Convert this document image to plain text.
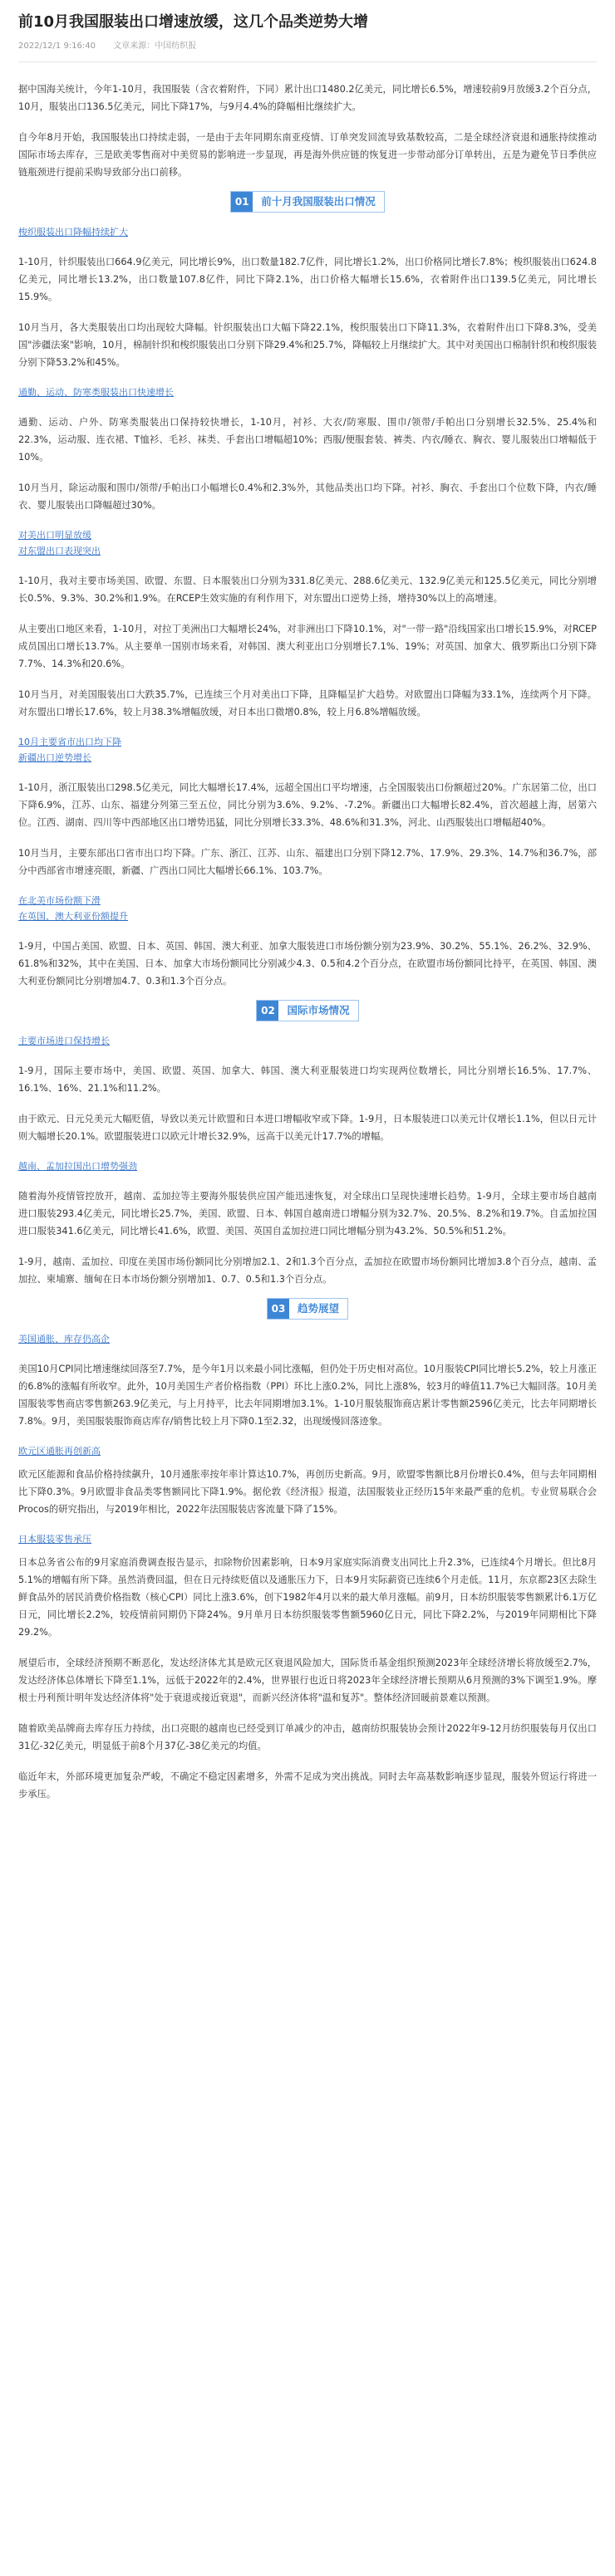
前10月我国服装出口增速放缓，这几个品类逆势大增
2022/12/1 9:16:40 文章来源：中国纺织报

据中国海关统计，今年1-10月，我国服装（含衣着附件，下同）累计出口1480.2亿美元，同比增长6.5%，增速较前9月放缓3.2个百分点，10月，服装出口136.5亿美元，同比下降17%，与9月4.4%的降幅相比继续扩大。

自今年8月开始，我国服装出口持续走弱，一是由于去年同期东南亚疫情、订单突发回流导致基数较高，二是全球经济衰退和通胀持续推动国际市场去库存，三是欧美零售商对中美贸易的影响进一步显现，再是海外供应链的恢复进一步带动部分订单转出，五是为避免节日季供应链瓶颈进行提前采购导致部分出口前移。

01 前十月我国服装出口情况
梭织服装出口降幅持续扩大

1-10月，针织服装出口664.9亿美元，同比增长9%，出口数量182.7亿件，同比增长1.2%，出口价格同比增长7.8%；梭织服装出口624.8亿美元，同比增长13.2%，出口数量107.8亿件，同比下降2.1%，出口价格大幅增长15.6%，衣着附件出口139.5亿美元，同比增长15.9%。

10月当月，各大类服装出口均出现较大降幅。针织服装出口大幅下降22.1%，梭织服装出口下降11.3%，衣着附件出口下降8.3%，受美国"涉疆法案"影响，10月，棉制针织和梭织服装出口分别下降29.4%和25.7%，降幅较上月继续扩大。其中对美国出口棉制针织和梭织服装分别下降53.2%和45%。

通勤、运动、防寒类服装出口快速增长

通勤、运动、户外、防寒类服装出口保持较快增长，1-10月，衬衫、大衣/防寒服、围巾/领带/手帕出口分别增长32.5%、25.4%和22.3%，运动服、连衣裙、T恤衫、毛衫、袜类、手套出口增幅超10%；西服/便服套装、裤类、内衣/睡衣、胸衣、婴儿服装出口增幅低于10%。

10月当月，除运动服和围巾/领带/手帕出口小幅增长0.4%和2.3%外，其他品类出口均下降。衬衫、胸衣、手套出口个位数下降，内衣/睡衣、婴儿服装出口降幅超过30%。

对美出口明显放缓
对东盟出口表现突出

1-10月，我对主要市场美国、欧盟、东盟、日本服装出口分别为331.8亿美元、288.6亿美元、132.9亿美元和125.5亿美元，同比分别增长0.5%、9.3%、30.2%和1.9%。在RCEP生效实施的有利作用下，对东盟出口逆势上扬，增持30%以上的高增速。

从主要出口地区来看，1-10月，对拉丁美洲出口大幅增长24%，对非洲出口下降10.1%，对"一带一路"沿线国家出口增长15.9%，对RCEP成员国出口增长13.7%。从主要单一国别市场来看，对韩国、澳大利亚出口分别增长7.1%、19%；对英国、加拿大、俄罗斯出口分别下降7.7%、14.3%和20.6%。

10月当月，对美国服装出口大跌35.7%，已连续三个月对美出口下降，且降幅呈扩大趋势。对欧盟出口降幅为33.1%，连续两个月下降。对东盟出口增长17.6%，较上月38.3%增幅放缓，对日本出口微增0.8%，较上月6.8%增幅放缓。

10月主要省市出口均下降
新疆出口逆势增长

1-10月，浙江服装出口298.5亿美元，同比大幅增长17.4%，远超全国出口平均增速，占全国服装出口份额超过20%。广东居第二位，出口下降6.9%，江苏、山东、福建分列第三至五位，同比分别为3.6%、9.2%、-7.2%。新疆出口大幅增长82.4%，首次超越上海，居第六位。江西、湖南、四川等中西部地区出口增势迅猛，同比分别增长33.3%、48.6%和31.3%，河北、山西服装出口增幅超40%。

10月当月，主要东部出口省市出口均下降。广东、浙江、江苏、山东、福建出口分别下降12.7%、17.9%、29.3%、14.7%和36.7%，部分中西部省市增速亮眼，新疆、广西出口同比大幅增长66.1%、103.7%。

在北美市场份额下滑
在英国、澳大利亚份额提升

1-9月，中国占美国、欧盟、日本、英国、韩国、澳大利亚、加拿大服装进口市场份额分别为23.9%、30.2%、55.1%、26.2%、32.9%、61.8%和32%，其中在美国、日本、加拿大市场份额同比分别减少4.3、0.5和4.2个百分点，在欧盟市场份额同比持平，在英国、韩国、澳大利亚份额同比分别增加4.7、0.3和1.3个百分点。

02 国际市场情况
主要市场进口保持增长

1-9月，国际主要市场中，美国、欧盟、英国、加拿大、韩国、澳大利亚服装进口均实现两位数增长，同比分别增长16.5%、17.7%、16.1%、16%、21.1%和11.2%。

由于欧元、日元兑美元大幅贬值，导致以美元计欧盟和日本进口增幅收窄或下降。1-9月，日本服装进口以美元计仅增长1.1%，但以日元计则大幅增长20.1%。欧盟服装进口以欧元计增长32.9%，远高于以美元计17.7%的增幅。

越南、孟加拉国出口增势强劲

随着海外疫情管控放开，越南、孟加拉等主要海外服装供应国产能迅速恢复，对全球出口呈现快速增长趋势。1-9月，全球主要市场自越南进口服装293.4亿美元，同比增长25.7%，美国、欧盟、日本、韩国自越南进口增幅分别为32.7%、20.5%、8.2%和19.7%。自孟加拉国进口服装341.6亿美元，同比增长41.6%，欧盟、美国、英国自孟加拉进口同比增幅分别为43.2%、50.5%和51.2%。

1-9月，越南、孟加拉、印度在美国市场份额同比分别增加2.1、2和1.3个百分点，孟加拉在欧盟市场份额同比增加3.8个百分点，越南、孟加拉、柬埔寨、缅甸在日本市场份额分别增加1、0.7、0.5和1.3个百分点。

03 趋势展望
美国通胀、库存仍高企

美国10月CPI同比增速继续回落至7.7%，是今年1月以来最小同比涨幅，但仍处于历史相对高位。10月服装CPI同比增长5.2%，较上月涨正的6.8%的涨幅有所收窄。此外，10月美国生产者价格指数（PPI）环比上涨0.2%，同比上涨8%，较3月的峰值11.7%已大幅回落。10月美国服装零售商店零售额263.9亿美元，与上月持平，比去年同期增加3.1%。1-10月服装服饰商店累计零售额2596亿美元，比去年同期增长7.8%。9月，美国服装服饰商店库存/销售比较上月下降0.1至2.32，出现缓慢回落迹象。

欧元区通胀再创新高

欧元区能源和食品价格持续飙升，10月通胀率按年率计算达10.7%，再创历史新高。9月，欧盟零售额比8月份增长0.4%，但与去年同期相比下降0.3%。9月欧盟非食品类零售额同比下降1.9%。据伦敦《经济报》报道，法国服装业正经历15年来最严重的危机。专业贸易联合会Procos的研究指出，与2019年相比，2022年法国服装店客流量下降了15%。

日本服装零售承压

日本总务省公布的9月家庭消费调查报告显示，扣除物价因素影响，日本9月家庭实际消费支出同比上升2.3%，已连续4个月增长。但比8月5.1%的增幅有所下降。虽然消费回温，但在日元持续贬值以及通胀压力下，日本9月实际薪资已连续6个月走低。11月，东京都23区去除生鲜食品外的居民消费价格指数（核心CPI）同比上涨3.6%，创下1982年4月以来的最大单月涨幅。前9月，日本纺织服装零售额累计6.1万亿日元，同比增长2.2%，较疫情前同期仍下降24%。9月单月日本纺织服装零售额5960亿日元，同比下降2.2%，与2019年同期相比下降29.2%。

展望后市，全球经济预期不断恶化，发达经济体尤其是欧元区衰退风险加大，国际货币基金组织预测2023年全球经济增长将放缓至2.7%，发达经济体总体增长下降至1.1%，远低于2022年的2.4%，世界银行也近日将2023年全球经济增长预期从6月预测的3%下调至1.9%。摩根士丹利预计明年发达经济体将"处于衰退或接近衰退"，而新兴经济体将"温和复苏"。整体经济回暖前景难以预测。

随着欧美品牌商去库存压力持续，出口亮眼的越南也已经受到订单减少的冲击，越南纺织服装协会预计2022年9-12月纺织服装每月仅出口31亿-32亿美元，明显低于前8个月37亿-38亿美元的均值。

临近年末，外部环境更加复杂严峻，不确定不稳定因素增多，外需不足成为突出挑战。同时去年高基数影响逐步显现，服装外贸运行将进一步承压。
